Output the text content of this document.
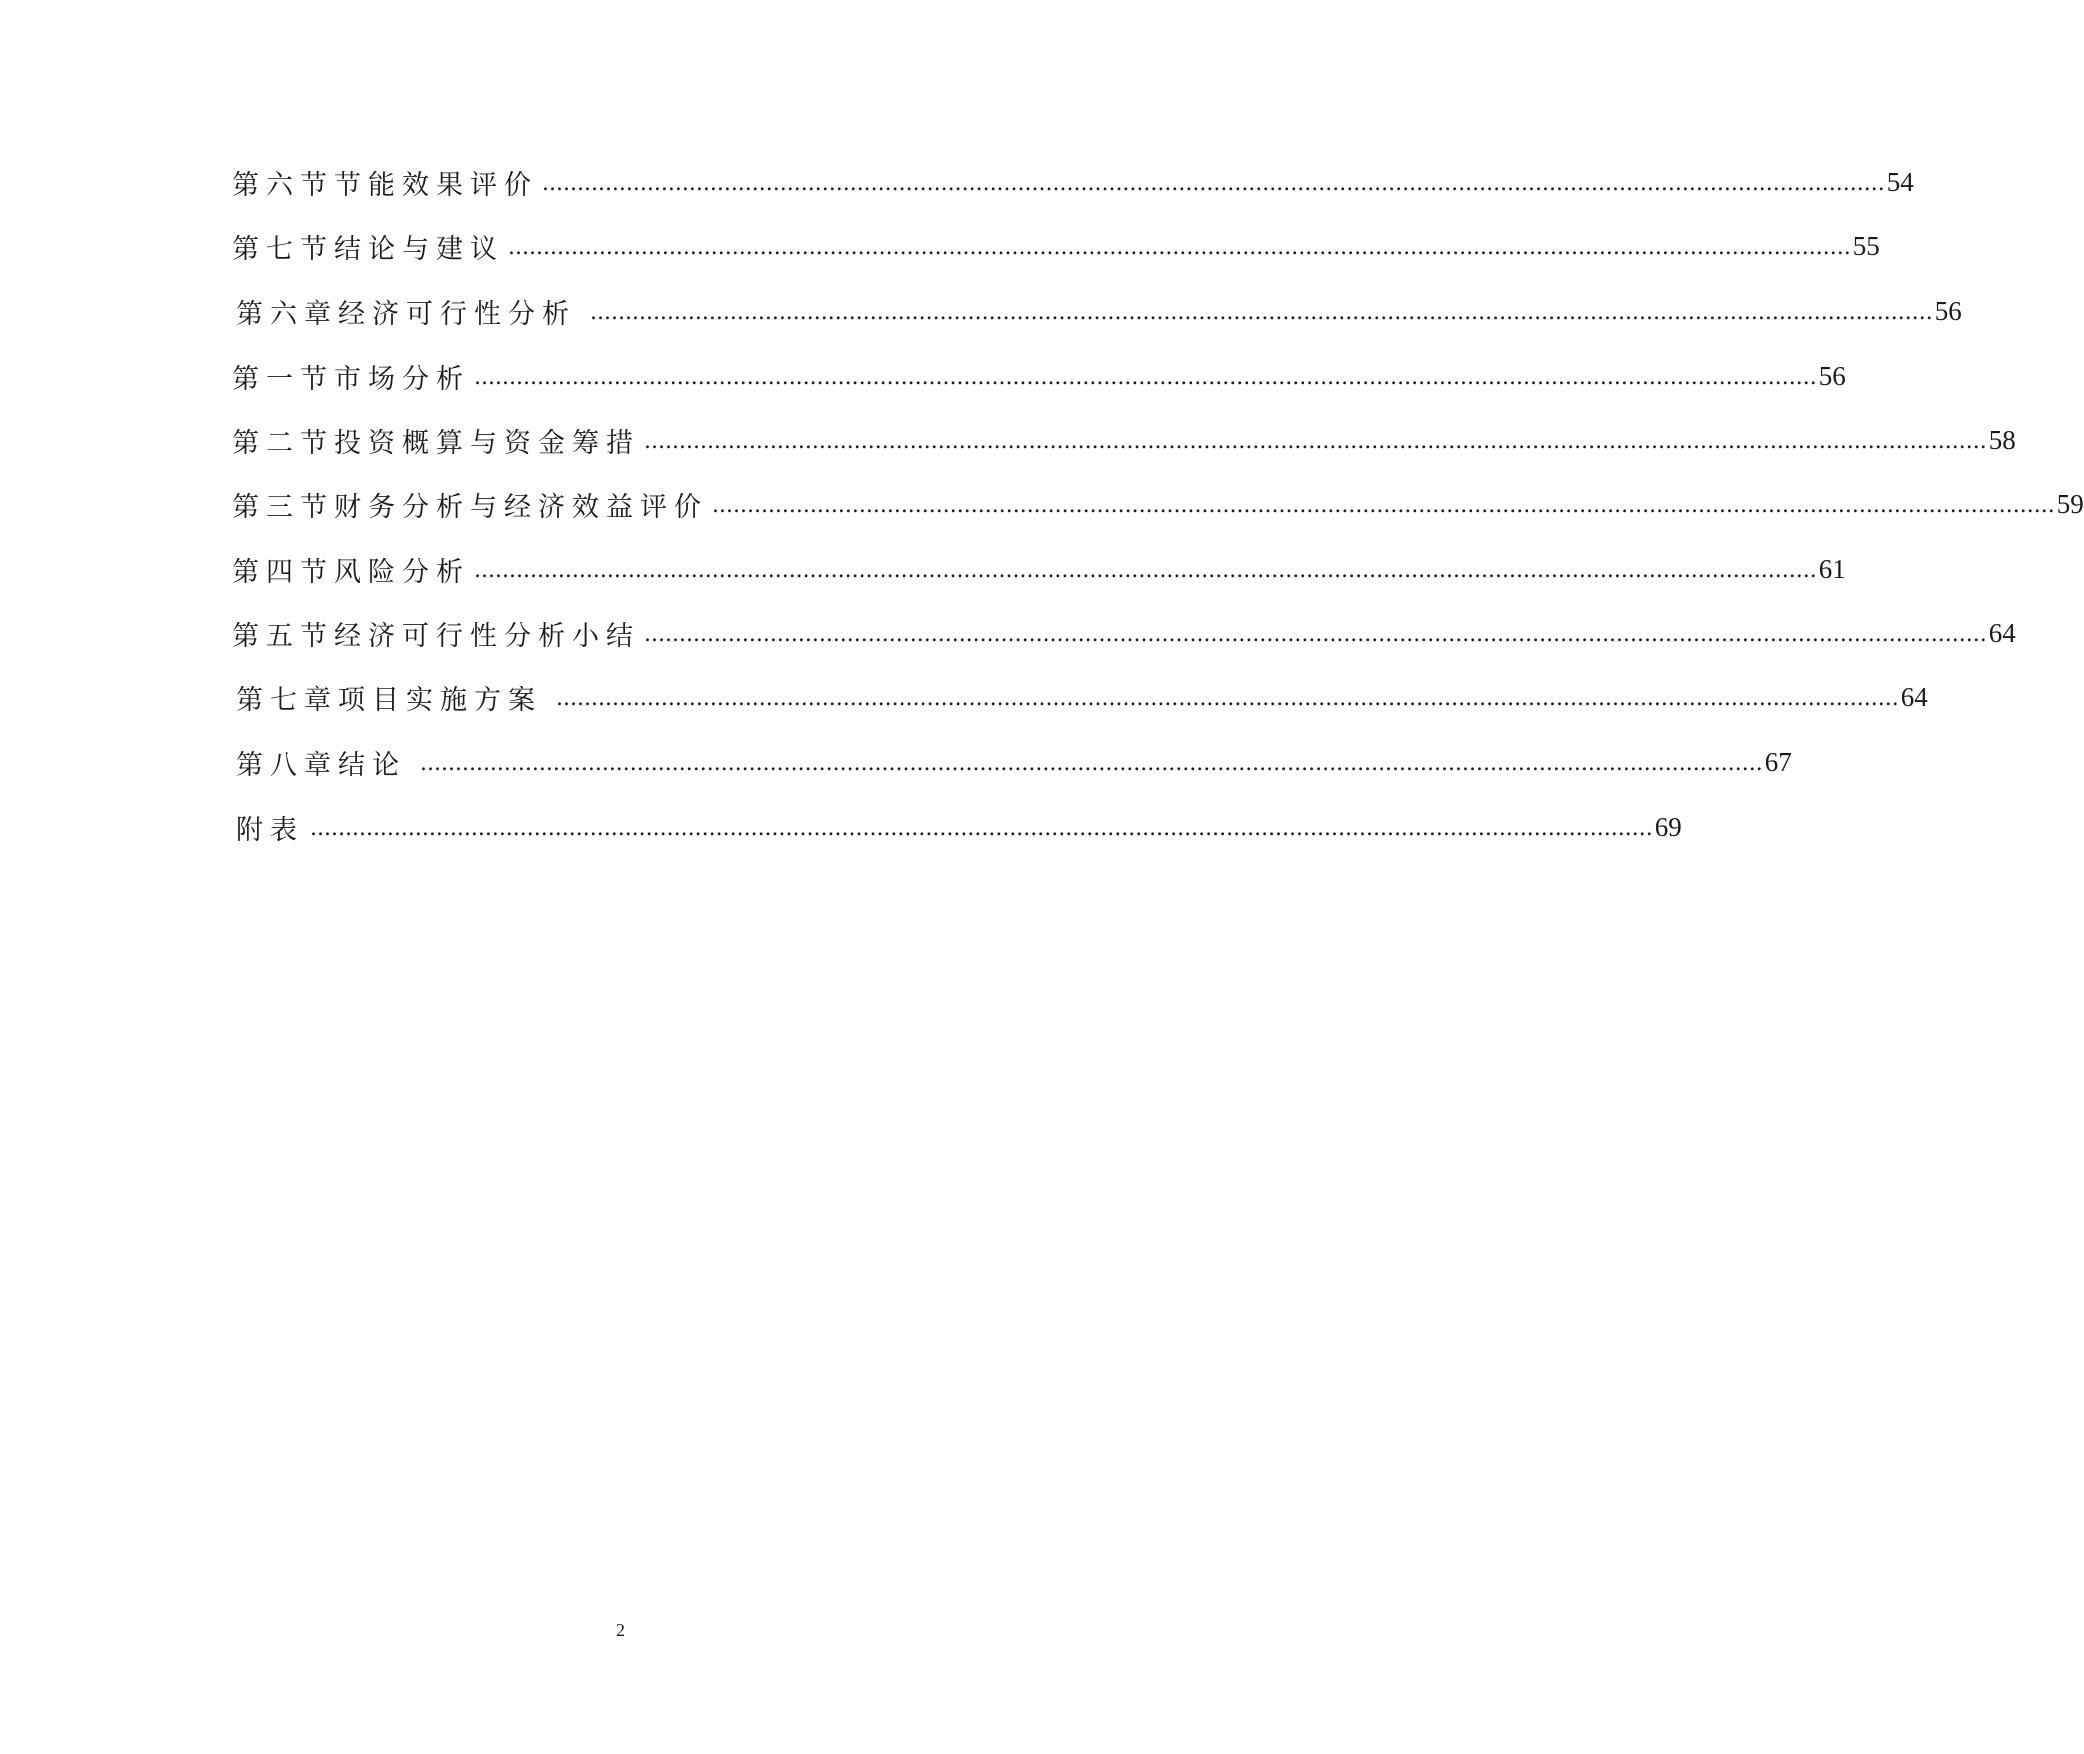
第六节 节能效果评价 ................................................................................................................................................................................................ 54
第七节 结论与建议 ................................................................................................................................................................................................ 55
第六章 经济可行性分析 ................................................................................................................................................................................................ 56
第一节 市场分析 ................................................................................................................................................................................................ 56
第二节 投资概算与资金筹措 ................................................................................................................................................................................................ 58
第三节 财务分析与经济效益评价 ................................................................................................................................................................................................ 59
第四节 风险分析 ................................................................................................................................................................................................ 61
第五节 经济可行性分析小结 ................................................................................................................................................................................................ 64
第七章 项目实施方案 ................................................................................................................................................................................................ 64
第八章 结论 ................................................................................................................................................................................................ 67
附表 ................................................................................................................................................................................................ 69
2
